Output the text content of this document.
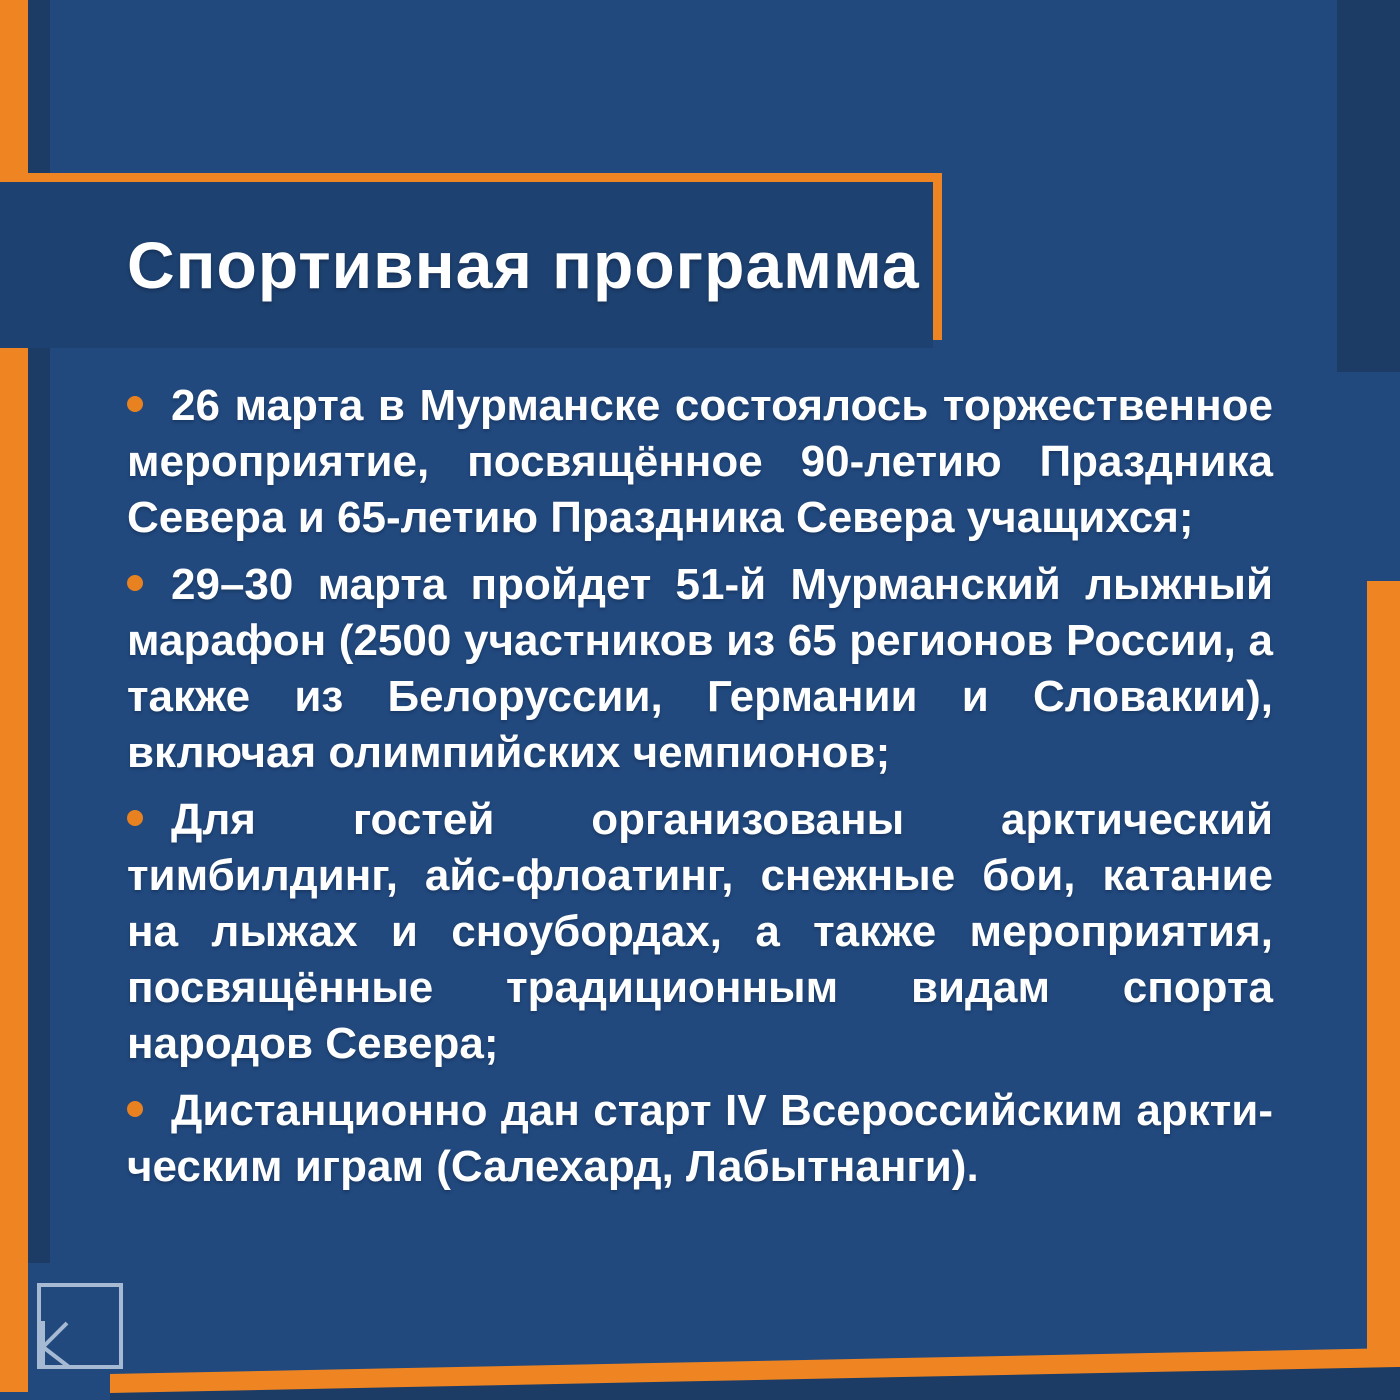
Спортивная программа

26 марта в Мурманске состоялось торжественное мероприятие, посвящённое 90-летию Праздника Севера и 65-летию Праздника Севера учащихся;

29–30 марта пройдет 51-й Мурманский лыжный марафон (2500 участников из 65 регионов России, а также из Белоруссии, Германии и Словакии), включая олимпийских чемпионов;

Для гостей организованы арктический тимбилдинг, айс-флоатинг, снежные бои, катание на лыжах и сноубордах, а также мероприятия, посвящённые традиционным видам спорта народов Севера;

Дистанционно дан старт IV Всероссийским арктическим играм (Салехард, Лабытнанги).
